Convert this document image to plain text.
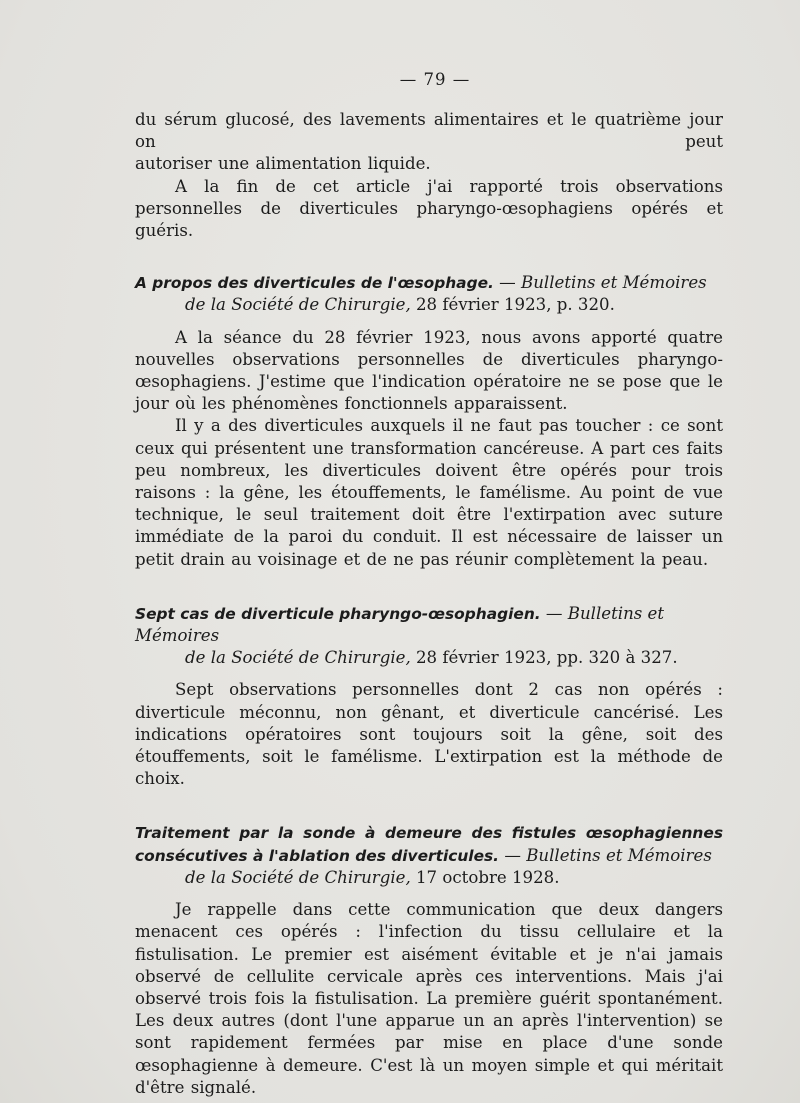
— 79 —

du sérum glucosé, des lavements alimentaires et le quatrième jour on peut
autoriser une alimentation liquide.

A la fin de cet article j'ai rapporté trois observations personnelles de diverticules pharyngo-œsophagiens opérés et guéris.

A propos des diverticules de l'œsophage. — Bulletins et Mémoires
de la Société de Chirurgie, 28 février 1923, p. 320.

A la séance du 28 février 1923, nous avons apporté quatre nouvelles observations personnelles de diverticules pharyngo-œsophagiens. J'estime que l'indication opératoire ne se pose que le jour où les phénomènes fonctionnels apparaissent.

Il y a des diverticules auxquels il ne faut pas toucher : ce sont ceux qui présentent une transformation cancéreuse. A part ces faits peu nombreux, les diverticules doivent être opérés pour trois raisons : la gêne, les étouffements, le famélisme. Au point de vue technique, le seul traitement doit être l'extirpation avec suture immédiate de la paroi du conduit. Il est nécessaire de laisser un petit drain au voisinage et de ne pas réunir complètement la peau.

Sept cas de diverticule pharyngo-œsophagien. — Bulletins et Mémoires
de la Société de Chirurgie, 28 février 1923, pp. 320 à 327.

Sept observations personnelles dont 2 cas non opérés : diverticule méconnu, non gênant, et diverticule cancérisé. Les indications opératoires sont toujours soit la gêne, soit des étouffements, soit le famélisme. L'extirpation est la méthode de choix.

Traitement par la sonde à demeure des fistules œsophagiennes consécutives à l'ablation des diverticules. — Bulletins et Mémoires
de la Société de Chirurgie, 17 octobre 1928.

Je rappelle dans cette communication que deux dangers menacent ces opérés : l'infection du tissu cellulaire et la fistulisation. Le premier est aisément évitable et je n'ai jamais observé de cellulite cervicale après ces interventions. Mais j'ai observé trois fois la fistulisation. La première guérit spontanément. Les deux autres (dont l'une apparue un an après l'intervention) se sont rapidement fermées par mise en place d'une sonde œsophagienne à demeure. C'est là un moyen simple et qui méritait d'être signalé.
